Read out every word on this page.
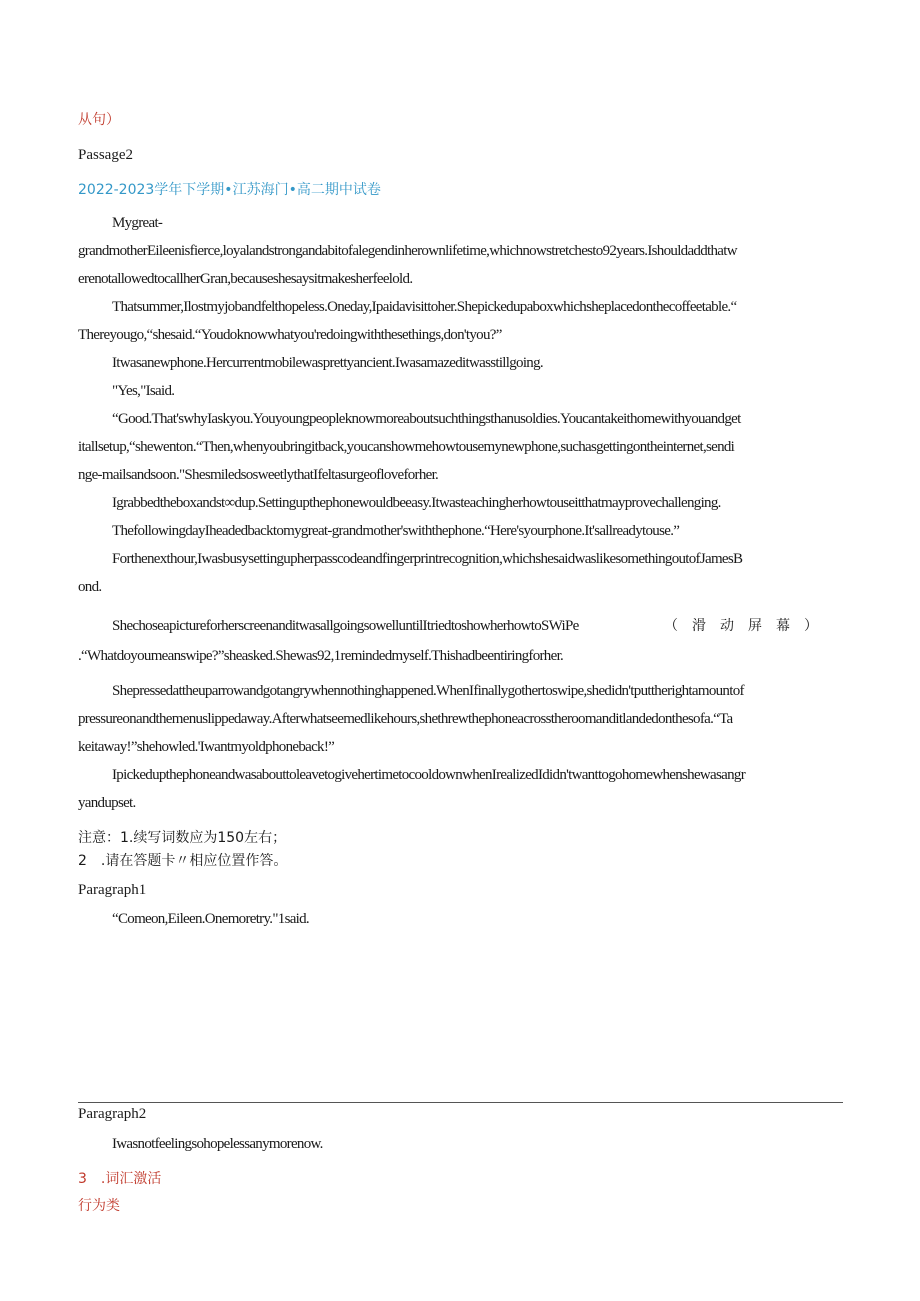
从句）
Passage2
2022-2023学年下学期•江苏海门•高二期中试卷
Mygreat-
grandmotherEileenisfierce,loyalandstrongandabitofalegendinherownlifetime,whichnowstretchesto92years.Ishouldaddthatw
erenotallowedtocallherGran,becauseshesaysitmakesherfeelold.
Thatsummer,Ilostmyjobandfelthopeless.Oneday,Ipaidavisittoher.Shepickedupaboxwhichsheplacedonthecoffeetable.“
Thereyougo,“shesaid.“Youdoknowwhatyou'redoingwiththesethings,don'tyou?”
Itwasanewphone.Hercurrentmobilewasprettyancient.Iwasamazeditwasstillgoing.
"Yes,"Isaid.
“Good.That'swhyIaskyou.Youyoungpeopleknowmoreaboutsuchthingsthanusoldies.Youcantakeithomewithyouandget
itallsetup,“shewenton.“Then,whenyoubringitback,youcanshowmehowtousemynewphone,suchasgettingontheinternet,sendi
nge-mailsandsoon."ShesmiledsosweetlythatIfeltasurgeofloveforher.
Igrabbedtheboxandst∞dup.Settingupthephonewouldbeeasy.Itwasteachingherhowtouseitthatmayprovechallenging.
ThefollowingdayIheadedbacktomygreat-grandmother'swiththephone.“Here'syourphone.It'sallreadytouse.”
Forthenexthour,Iwasbusysettingupherpasscodeandfingerprintrecognition,whichshesaidwaslikesomethingoutofJamesB
ond.
ShechoseapictureforherscreenanditwasallgoingsowelluntilItriedtoshowherhowtoSWiPe	（　滑　动　屏　幕　）
.“Whatdoyoumeanswipe?”sheasked.Shewas92,1remindedmyself.Thishadbeentiringforher.
Shepressedattheuparrowandgotangrywhennothinghappened.WhenIfinallygothertoswipe,shedidn'tputtherightamountof
pressureonandthemenuslippedaway.Afterwhatseemedlikehours,shethrewthephoneacrosstheroomanditlandedonthesofa.“Ta
keitaway!”shehowled.'Iwantmyoldphoneback!”
IpickedupthephoneandwasabouttoleavetogivehertimetocooldownwhenIrealizedIdidn'twanttogohomewhenshewasangr
yandupset.
注意：1.续写词数应为150左右；
2　.请在答题卡〃相应位置作答。
Paragraph1
“Comeon,Eileen.Onemoretry."1said.
Paragraph2
Iwasnotfeelingsohopelessanymorenow.
3　.词汇激活
行为类
